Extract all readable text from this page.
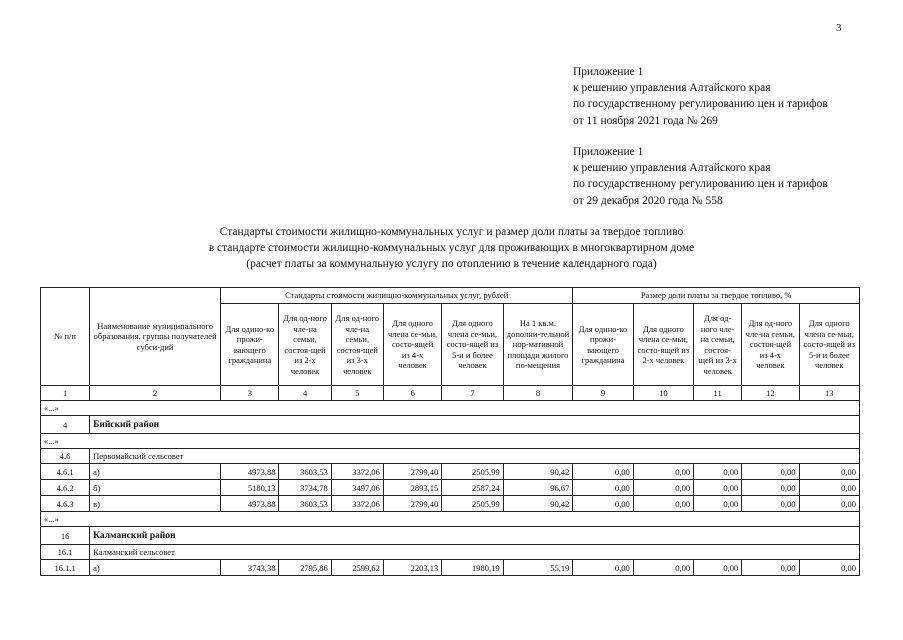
3
Приложение 1
к решению управления Алтайского края
по государственному регулированию цен и тарифов
от 11 ноября 2021 года № 269
Приложение 1
к решению управления Алтайского края
по государственному регулированию цен и тарифов
от 29 декабря 2020 года № 558
Стандарты стоимости жилищно-коммунальных услуг и размер доли платы за твердое топливо
в стандарте стоимости жилищно-коммунальных услуг для проживающих в многоквартирном доме
(расчет платы за коммунальную услугу по отоплению в течение календарного года)
№ п/п	Наименование муниципального образования, группы получателей субси-дий	Стандарты стоимости жилищно-коммунальных услуг, рублей						Размер доли платы за твердое топливо, %				
		Для одино-ко прожи-вающего гражданина	Для од-ного чле-на семьи, состоя-щей из 2-х человек	Для од-ного чле-на семьи, состоя-щей из 3-х человек	Для одного члена се-мьи, состо-ящей из 4-х человек	Для одного члена се-мьи, состо-ящей из 5-и и более человек	На 1 кв.м. дополни-тельной нор-мативной площади жилого по-мещения	Для одино-ко прожи-вающего гражданина	Для одного члена се-мьи, состо-ящей из 2-х человек	Для од-ного чле-на семьи, состоя-щей из 3-х человек	Для од-ного чле-на семьи, состоя-щей из 4-х человек	Для одного члена се-мьи, состо-ящей из 5-и и более человек
1	2	3	4	5	6	7	8	9	10	11	12	13
«...»												
4	Бийский район											
«...»												
4.6	Первомайский сельсовет											
4.6.1	а)	4973,88	3603,53	3372,06	2799,40	2505,99	90,42	0,00	0,00	0,00	0,00	0,00
4.6.2	б)	5180,13	3734,78	3497,06	2893,15	2587,24	96,67	0,00	0,00	0,00	0,00	0,00
4.6.3	в)	4973,88	3603,53	3372,06	2799,40	2505,99	90,42	0,00	0,00	0,00	0,00	0,00
«...»												
16	Калманский район											
16.1	Калманский сельсовет											
16.1.1	а)	3743,38	2795,86	2599,62	2203,13	1980,19	55,19	0,00	0,00	0,00	0,00	0,00
